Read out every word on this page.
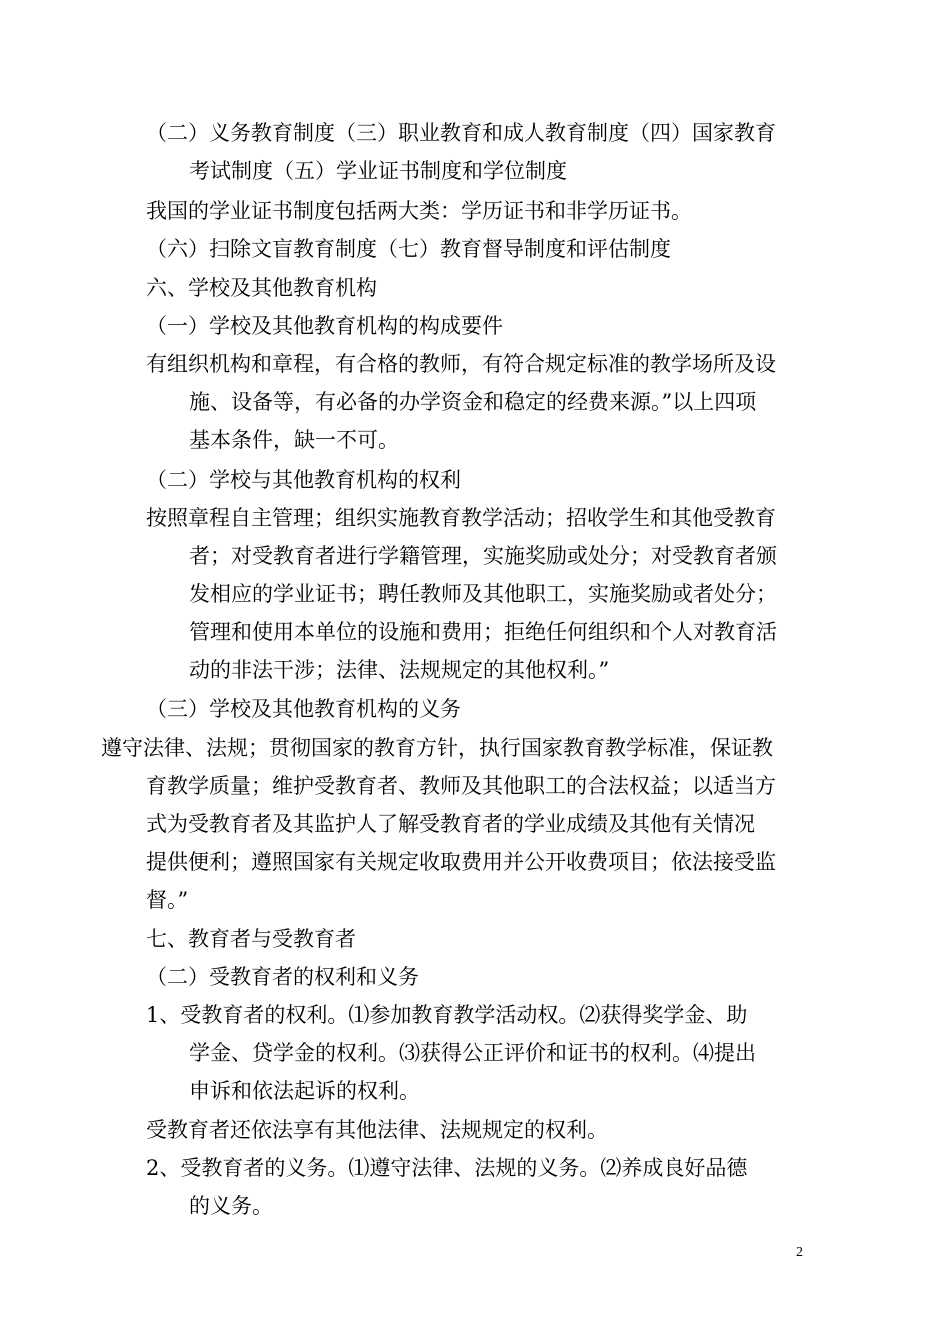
（二）义务教育制度（三）职业教育和成人教育制度（四）国家教育
考试制度（五）学业证书制度和学位制度
我国的学业证书制度包括两大类：学历证书和非学历证书。
（六）扫除文盲教育制度（七）教育督导制度和评估制度
六、学校及其他教育机构
（一）学校及其他教育机构的构成要件
有组织机构和章程，有合格的教师，有符合规定标准的教学场所及设
施、设备等，有必备的办学资金和稳定的经费来源。”以上四项
基本条件，缺一不可。
（二）学校与其他教育机构的权利
按照章程自主管理；组织实施教育教学活动；招收学生和其他受教育
者；对受教育者进行学籍管理，实施奖励或处分；对受教育者颁
发相应的学业证书；聘任教师及其他职工，实施奖励或者处分；
管理和使用本单位的设施和费用；拒绝任何组织和个人对教育活
动的非法干涉；法律、法规规定的其他权利。”
（三）学校及其他教育机构的义务
遵守法律、法规；贯彻国家的教育方针，执行国家教育教学标准，保证教
育教学质量；维护受教育者、教师及其他职工的合法权益；以适当方
式为受教育者及其监护人了解受教育者的学业成绩及其他有关情况
提供便利；遵照国家有关规定收取费用并公开收费项目；依法接受监
督。”
七、教育者与受教育者
（二）受教育者的权利和义务
1、受教育者的权利。⑴参加教育教学活动权。⑵获得奖学金、助
学金、贷学金的权利。⑶获得公正评价和证书的权利。⑷提出
申诉和依法起诉的权利。
受教育者还依法享有其他法律、法规规定的权利。
2、受教育者的义务。⑴遵守法律、法规的义务。⑵养成良好品德
的义务。
2
